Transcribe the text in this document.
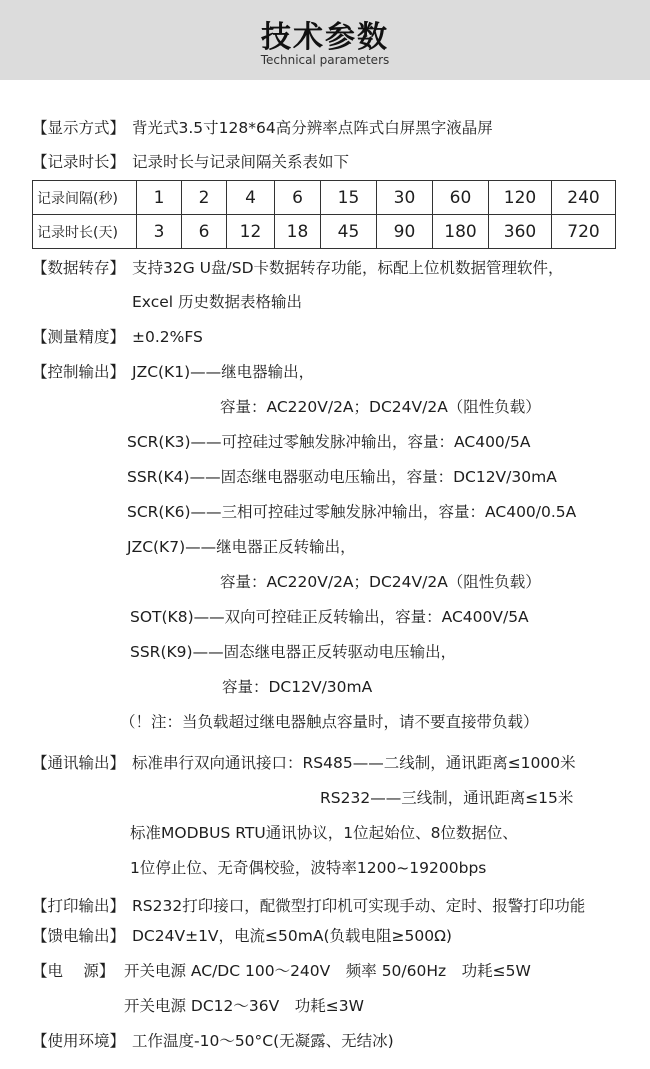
技术参数
Technical parameters
【显示方式】 背光式3.5寸128*64高分辨率点阵式白屏黑字液晶屏
【记录时长】 记录时长与记录间隔关系表如下
记录间隔(秒)	1	2	4	6	15	30	60	120	240
记录时长(天)	3	6	12	18	45	90	180	360	720
【数据转存】 支持32G U盘/SD卡数据转存功能，标配上位机数据管理软件，
Excel 历史数据表格输出
【测量精度】 ±0.2%FS
【控制输出】 JZC(K1)——继电器输出，
容量：AC220V/2A；DC24V/2A（阻性负载）
SCR(K3)——可控硅过零触发脉冲输出，容量：AC400/5A
SSR(K4)——固态继电器驱动电压输出，容量：DC12V/30mA
SCR(K6)——三相可控硅过零触发脉冲输出，容量：AC400/0.5A
JZC(K7)——继电器正反转输出，
容量：AC220V/2A；DC24V/2A（阻性负载）
SOT(K8)——双向可控硅正反转输出，容量：AC400V/5A
SSR(K9)——固态继电器正反转驱动电压输出，
容量：DC12V/30mA
（！注：当负载超过继电器触点容量时，请不要直接带负载）
【通讯输出】 标准串行双向通讯接口：RS485——二线制，通讯距离≤1000米
RS232——三线制，通讯距离≤15米
标准MODBUS RTU通讯协议，1位起始位、8位数据位、
1位停止位、无奇偶校验，波特率1200~19200bps
【打印输出】 RS232打印接口，配微型打印机可实现手动、定时、报警打印功能
【馈电输出】 DC24V±1V，电流≤50mA(负载电阻≥500Ω)
【电　 源】 开关电源 AC/DC 100～240V　频率 50/60Hz　功耗≤5W
开关电源 DC12～36V　功耗≤3W
【使用环境】 工作温度-10～50°C(无凝露、无结冰)
